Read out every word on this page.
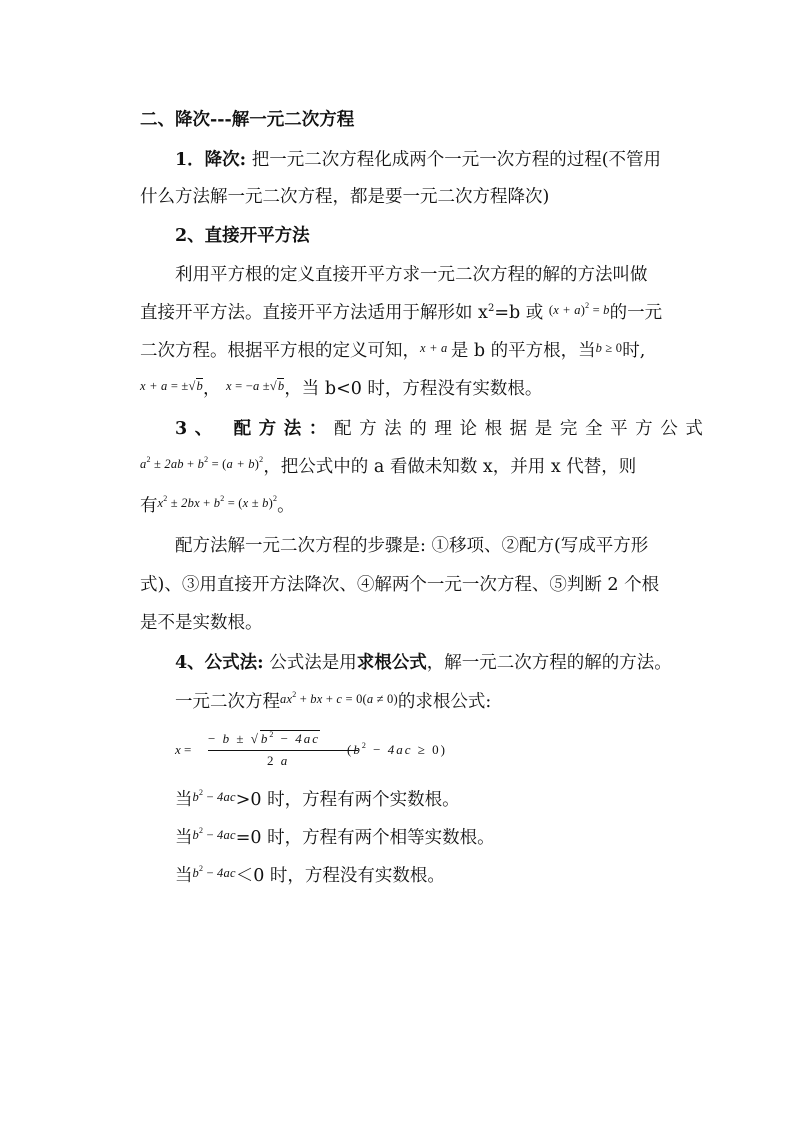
二、降次---解一元二次方程
1．降次: 把一元二次方程化成两个一元一次方程的过程(不管用
什么方法解一元二次方程，都是要一元二次方程降次)
2、直接开平方法
利用平方根的定义直接开平方求一元二次方程的解的方法叫做
直接开平方法。直接开平方法适用于解形如 $x^2=b$ 或 $^{(x + a)^2 = b}$的一元
二次方程。根据平方根的定义可知，$^{x + a}$ 是 b 的平方根，当$^{b \ge 0}$时,
$^{x + a = \pm√b}$， $^{x = -a \pm√b}$，当 b<0 时，方程没有实数根。
3、 配方法：配方法的理论根据是完全平方公式
$^{a^2 \pm 2ab + b^2 = (a + b)^2}$，把公式中的 a 看做未知数 x，并用 x 代替，则
有$^{x^2 \pm 2bx + b^2 = (x \pm b)^2}$。
配方法解一元二次方程的步骤是: ①移项、②配方(写成平方形
式)、③用直接开方法降次、④解两个一元一次方程、⑤判断 2 个根
是不是实数根。
4、公式法: 公式法是用求根公式，解一元二次方程的解的方法。
一元二次方程$^{ax^2 + bx + c = 0(a \ne 0)}$的求根公式:
x =
− $b \pm √b^2 - 4ac$
2 a
$(b^2 - 4ac \ge 0)$
当$^{b^2 - 4ac}$>0 时，方程有两个实数根。
当$^{b^2 - 4ac}$=0 时，方程有两个相等实数根。
当$^{b^2 - 4ac}$＜0 时，方程没有实数根。
